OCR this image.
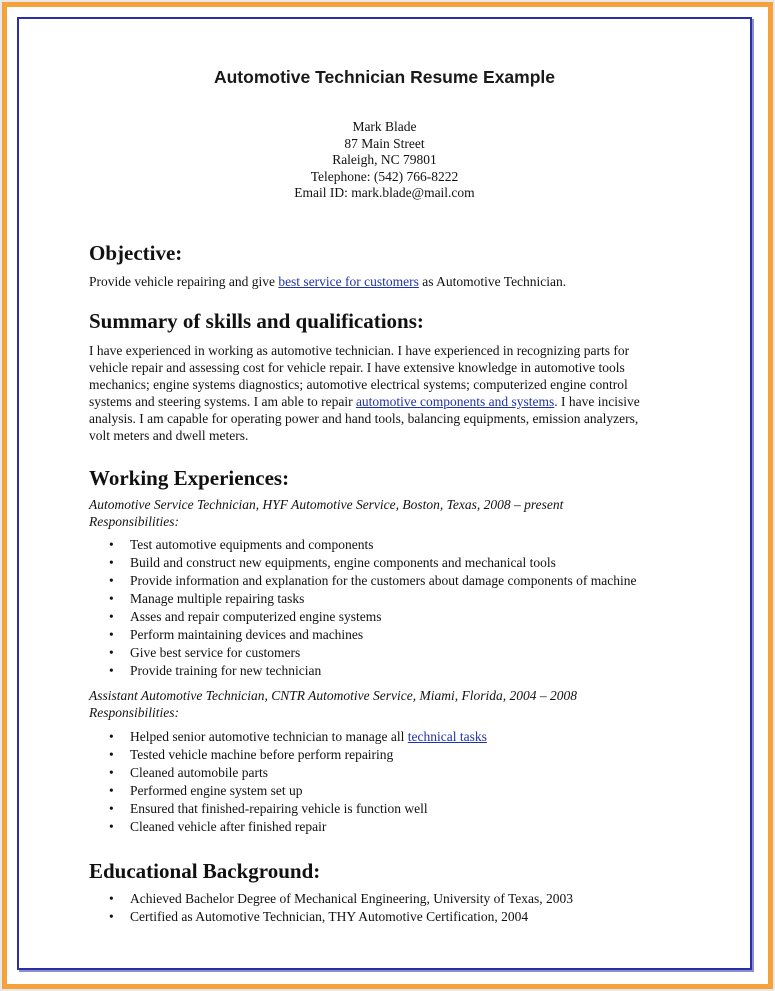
Automotive Technician Resume Example
Mark Blade
87 Main Street
Raleigh, NC 79801
Telephone: (542) 766-8222
Email ID: mark.blade@mail.com
Objective:
Provide vehicle repairing and give best service for customers as Automotive Technician.
Summary of skills and qualifications:
I have experienced in working as automotive technician. I have experienced in recognizing parts for
vehicle repair and assessing cost for vehicle repair. I have extensive knowledge in automotive tools
mechanics; engine systems diagnostics; automotive electrical systems; computerized engine control
systems and steering systems. I am able to repair automotive components and systems. I have incisive
analysis. I am capable for operating power and hand tools, balancing equipments, emission analyzers,
volt meters and dwell meters.
Working Experiences:
Automotive Service Technician, HYF Automotive Service, Boston, Texas, 2008 – present
Responsibilities:
• Test automotive equipments and components
• Build and construct new equipments, engine components and mechanical tools
• Provide information and explanation for the customers about damage components of machine
• Manage multiple repairing tasks
• Asses and repair computerized engine systems
• Perform maintaining devices and machines
• Give best service for customers
• Provide training for new technician
Assistant Automotive Technician, CNTR Automotive Service, Miami, Florida, 2004 – 2008
Responsibilities:
• Helped senior automotive technician to manage all technical tasks
• Tested vehicle machine before perform repairing
• Cleaned automobile parts
• Performed engine system set up
• Ensured that finished-repairing vehicle is function well
• Cleaned vehicle after finished repair
Educational Background:
• Achieved Bachelor Degree of Mechanical Engineering, University of Texas, 2003
• Certified as Automotive Technician, THY Automotive Certification, 2004
